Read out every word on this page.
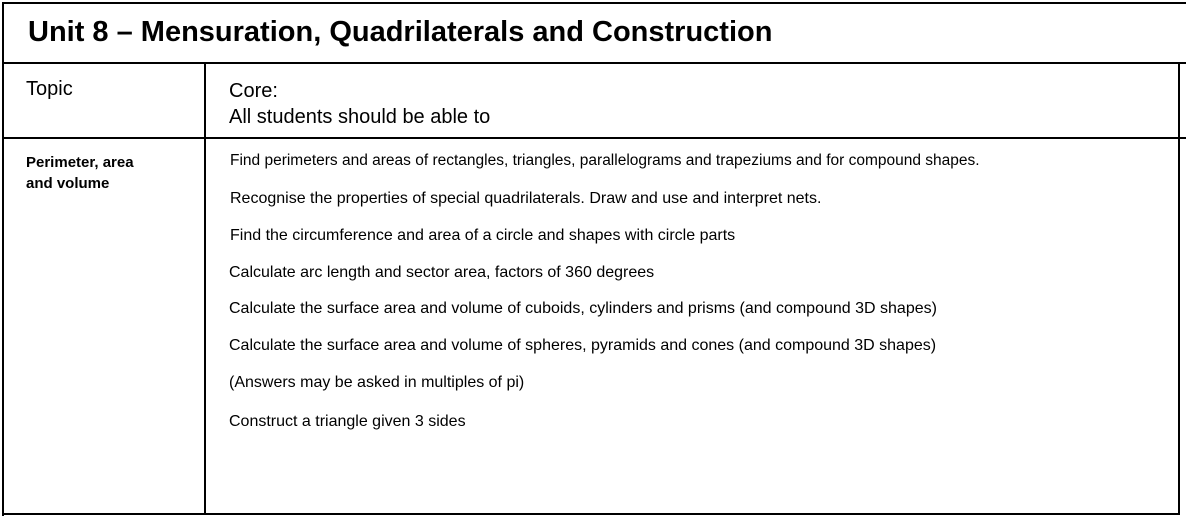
Unit 8 – Mensuration, Quadrilaterals and Construction
Topic	Core:
All students should be able to
Perimeter, area
and volume
Find perimeters and areas of rectangles, triangles, parallelograms and trapeziums and for compound shapes.
Recognise the properties of special quadrilaterals. Draw and use and interpret nets.
Find the circumference and area of a circle and shapes with circle parts
Calculate arc length and sector area, factors of 360 degrees
Calculate the surface area and volume of cuboids, cylinders and prisms (and compound 3D shapes)
Calculate the surface area and volume of spheres, pyramids and cones (and compound 3D shapes)
(Answers may be asked in multiples of pi)
Construct a triangle given 3 sides
